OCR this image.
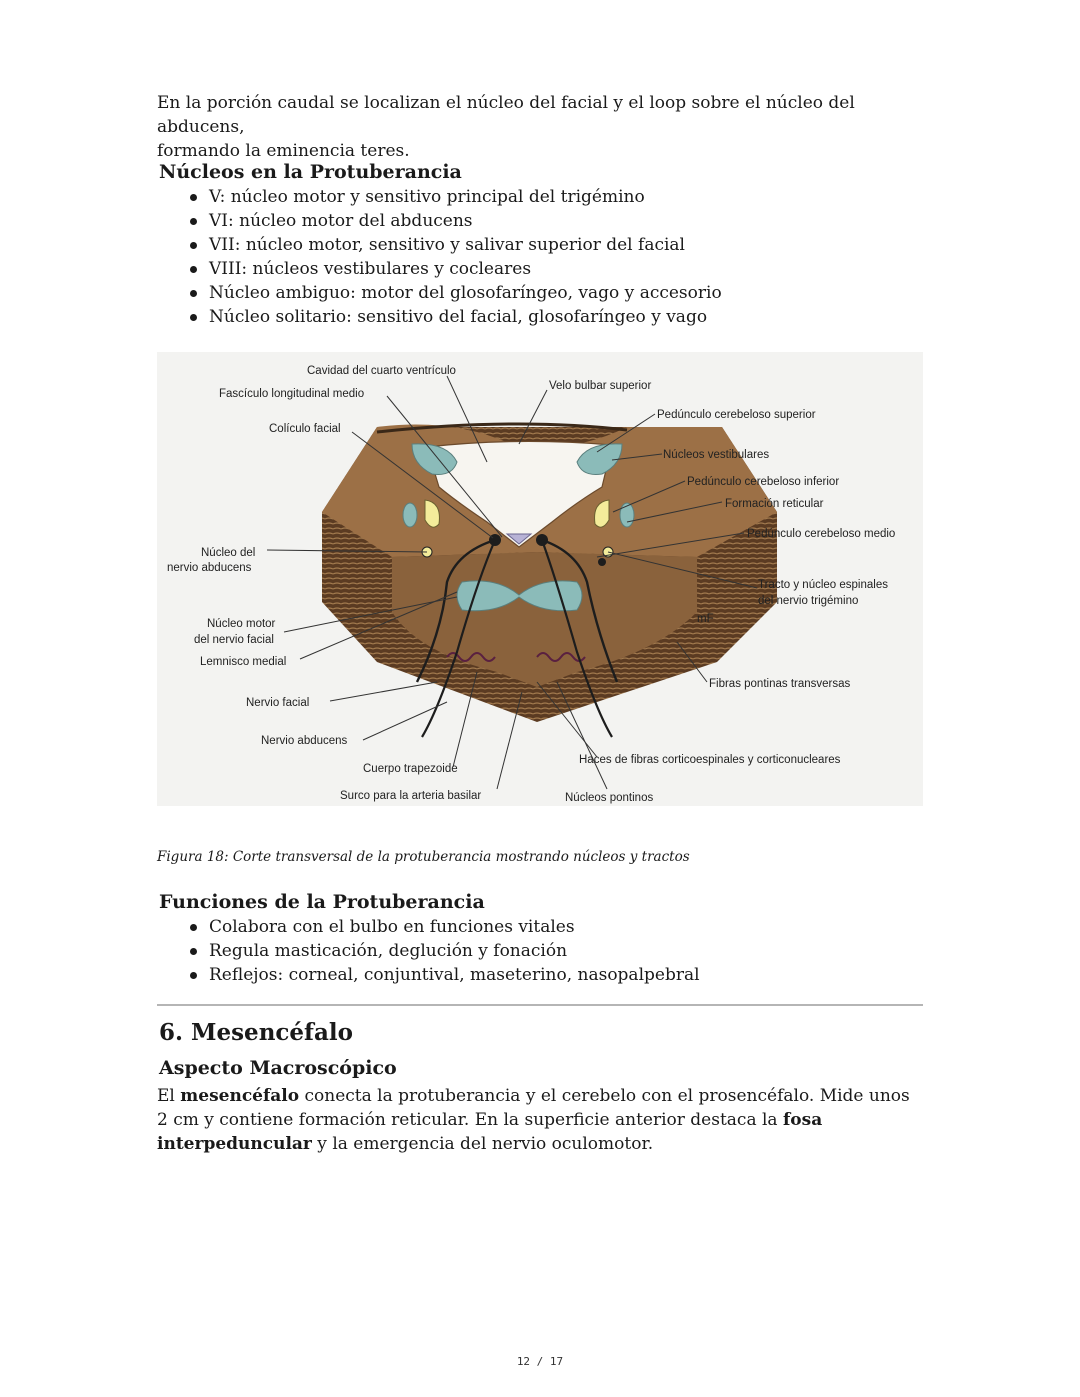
En la porción caudal se localizan el núcleo del facial y el loop sobre el núcleo del abducens,

formando la eminencia teres.

Núcleos en la Protuberancia
V: núcleo motor y sensitivo principal del trigémino
VI: núcleo motor del abducens
VII: núcleo motor, sensitivo y salivar superior del facial
VIII: núcleos vestibulares y cocleares
Núcleo ambiguo: motor del glosofaríngeo, vago y accesorio
Núcleo solitario: sensitivo del facial, glosofaríngeo y vago
Cavidad del cuarto ventrículo
Fascículo longitudinal medio
Colículo facial
Velo bulbar superior
Pedúnculo cerebeloso superior
Núcleos vestibulares
Pedúnculo cerebeloso inferior
Formación reticular
Pedúnculo cerebeloso medio
Núcleo del
nervio abducens
Tracto y núcleo espinales
del nervio trigémino
mF
Núcleo motor
del nervio facial
Lemnisco medial
Fibras pontinas transversas
Nervio facial
Nervio abducens
Haces de fibras corticoespinales y corticonucleares
Cuerpo trapezoide
Surco para la arteria basilar	Núcleos pontinos
Figura 18: Corte transversal de la protuberancia mostrando núcleos y tractos
Funciones de la Protuberancia
Colabora con el bulbo en funciones vitales
Regula masticación, deglución y fonación
Reflejos: corneal, conjuntival, maseterino, nasopalpebral
6. Mesencéfalo
Aspecto Macroscópico

El mesencéfalo conecta la protuberancia y el cerebelo con el prosencéfalo. Mide unos 2 cm y contiene formación reticular. En la superficie anterior destaca la fosa interpeduncular y la emergencia del nervio oculomotor.

12 / 17
